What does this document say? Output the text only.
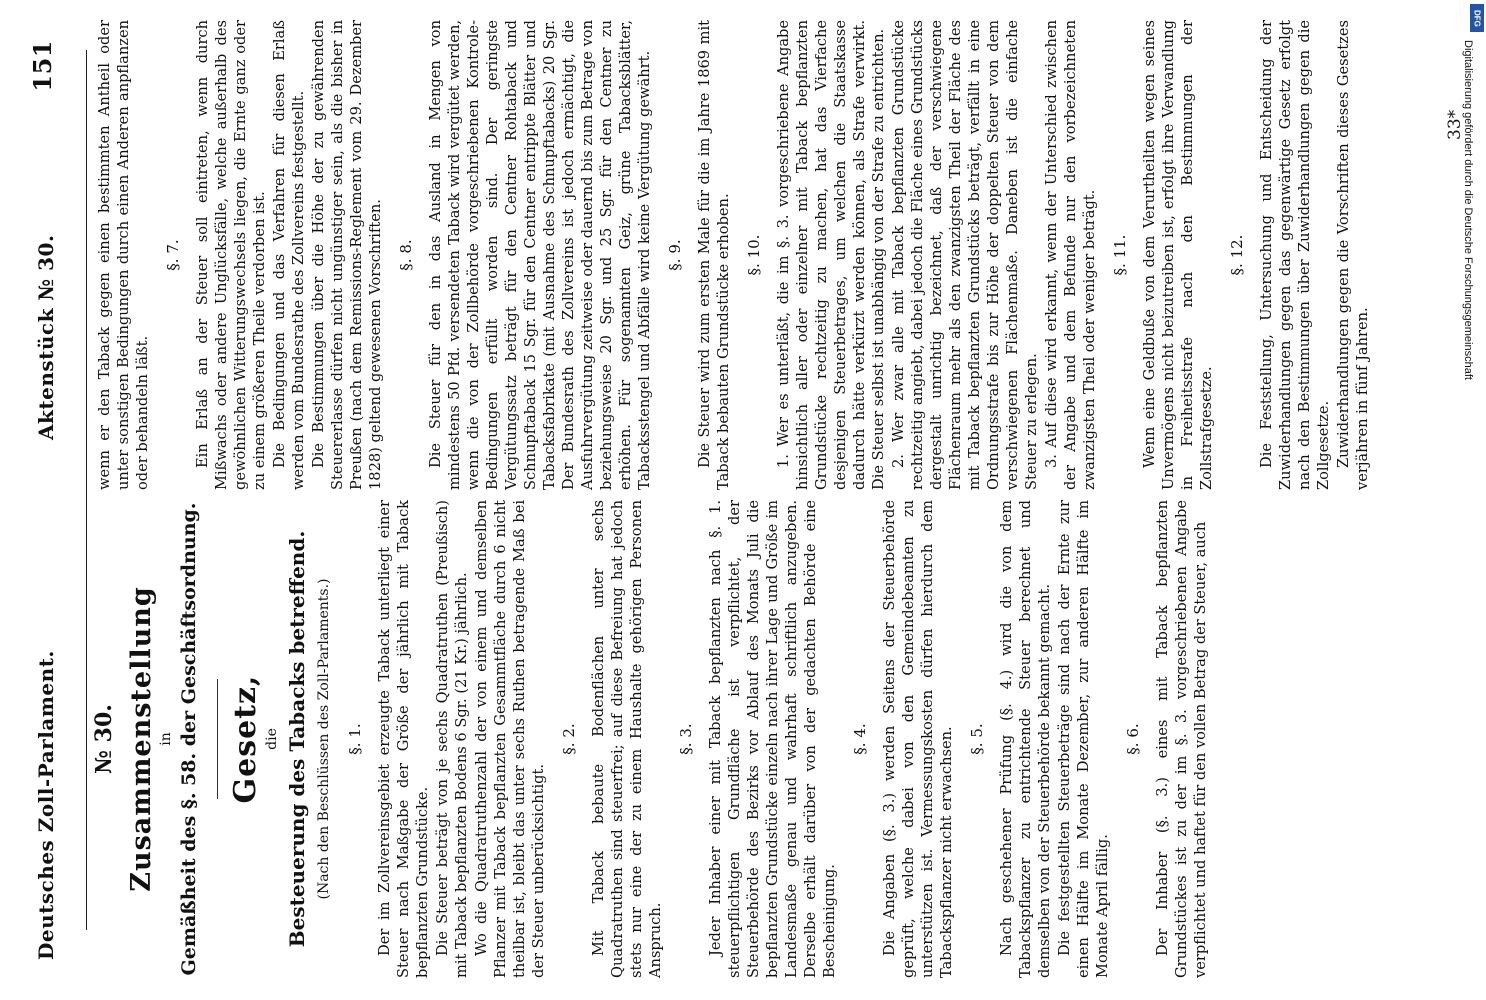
Deutsches Zoll-Parlament.
Aktenstück № 30.
151

№ 30. Zusammenstellung in Gemäßheit des §. 58. der Geschäftsordnung. Gesetz, die Besteuerung des Tabacks betreffend. (Nach den Beschlüssen des Zoll-Parlaments.) §. 1. Der im Zollvereinsgebiet erzeugte Taback unterliegt einer Steuer nach Maßgabe der Größe der jährlich mit Taback bepflanzten Grundstücke. Die Steuer beträgt von je sechs Quadratruthen (Preußisch) mit Taback bepflanzten Bodens 6 Sgr. (21 Kr.) jährlich. Wo die Quadratruthenzahl der von einem und demselben Pflanzer mit Taback bepflanzten Gesammtfläche durch 6 nicht theilbar ist, bleibt das unter sechs Ruthen betragende Maß bei der Steuer unberücksichtigt.

§. 2. Mit Taback bebaute Bodenflächen unter sechs Quadratruthen sind steuerfrei; auf diese Befreiung hat jedoch stets nur eine der zu einem Haushalte gehörigen Personen Anspruch.

§. 3. Jeder Inhaber einer mit Taback bepflanzten nach §. 1. steuerpflichtigen Grundfläche ist verpflichtet, der Steuerbehörde des Bezirks vor Ablauf des Monats Juli die bepflanzten Grundstücke einzeln nach ihrer Lage und Größe im Landesmaße genau und wahrhaft schriftlich anzugeben. Derselbe erhält darüber von der gedachten Behörde eine Bescheinigung.

§. 4. Die Angaben (§. 3.) werden Seitens der Steuerbehörde geprüft, welche dabei von den Gemeindebeamten zu unterstützen ist. Vermessungskosten dürfen hierdurch dem Tabackspflanzer nicht erwachsen. §. 5. Nach geschehener Prüfung (§. 4.) wird die von dem Tabackspflanzer zu entrichtende Steuer berechnet und demselben von der Steuerbehörde bekannt gemacht. Die festgestellten Steuerbeträge sind nach der Ernte zur einen Hälfte im Monate Dezember, zur anderen Hälfte im Monate April fällig.

§. 6. Der Inhaber (§. 3.) eines mit Taback bepflanzten Grundstückes ist zu der im §. 3. vorgeschriebenen Angabe verpflichtet und haftet für den vollen Betrag der Steuer, auch

wenn er den Taback gegen einen bestimmten Antheil oder unter sonstigen Bedingungen durch einen Anderen anpflanzen oder behandeln läßt.

§. 7. Ein Erlaß an der Steuer soll eintreten, wenn durch Mißwachs oder andere Unglücksfälle, welche außerhalb des gewöhnlichen Witterungswechsels liegen, die Ernte ganz oder zu einem größeren Theile verdorben ist. Die Bedingungen und das Verfahren für diesen Erlaß werden vom Bundesrathe des Zollvereins festgestellt. Die Bestimmungen über die Höhe der zu gewährenden Steuererlasse dürfen nicht ungünstiger sein, als die bisher in Preußen (nach dem Remissions-Reglement vom 29. Dezember 1828) geltend gewesenen Vorschriften. §. 8. Die Steuer für den in das Ausland in Mengen von mindestens 50 Pfd. versendeten Taback wird vergütet werden, wenn die von der Zollbehörde vorgeschriebenen Kontrole-Bedingungen erfüllt worden sind. Der geringste Vergütungssatz beträgt für den Centner Rohtaback und Schnupftaback 15 Sgr. für den Centner entrippte Blätter und Tabacksfabrikate (mit Ausnahme des Schnupftabacks) 20 Sgr. Der Bundesrath des Zollvereins ist jedoch ermächtigt, die Ausfuhrvergütung zeitweise oder dauernd bis zum Betrage von beziehungsweise 20 Sgr. und 25 Sgr. für den Centner zu erhöhen. Für sogenannten Geiz, grüne Tabacksblätter, Tabacksstengel und Abfälle wird keine Vergütung gewährt. §. 9. Die Steuer wird zum ersten Male für die im Jahre 1869 mit Taback bebauten Grundstücke erhoben. §. 10. 1. Wer es unterläßt, die im §. 3. vorgeschriebene Angabe hinsichtlich aller oder einzelner mit Taback bepflanzten Grundstücke rechtzeitig zu machen, hat das Vierfache desjenigen Steuerbetrages, um welchen die Staatskasse dadurch hätte verkürzt werden können, als Strafe verwirkt. Die Steuer selbst ist unabhängig von der Strafe zu entrichten. 2. Wer zwar alle mit Taback bepflanzten Grundstücke rechtzeitig angiebt, dabei jedoch die Fläche eines Grundstücks dergestalt unrichtig bezeichnet, daß der verschwiegene Flächenraum mehr als den zwanzigsten Theil der Fläche des mit Taback bepflanzten Grundstücks beträgt, verfällt in eine Ordnungsstrafe bis zur Höhe der doppelten Steuer von dem verschwiegenen Flächenmaße. Daneben ist die einfache Steuer zu erlegen. 3. Auf diese wird erkannt, wenn der Unterschied zwischen der Angabe und dem Befunde nur den vorbezeichneten zwanzigsten Theil oder weniger beträgt. §. 11. Wenn eine Geldbuße von dem Verurtheilten wegen seines Unvermögens nicht beizutreiben ist, erfolgt ihre Verwandlung in Freiheitsstrafe nach den Bestimmungen der Zollstrafgesetze.

§. 12. Die Feststellung, Untersuchung und Entscheidung der Zuwiderhandlungen gegen das gegenwärtige Gesetz erfolgt nach den Bestimmungen über Zuwiderhandlungen gegen die Zollgesetze. Zuwiderhandlungen gegen die Vorschriften dieses Gesetzes verjähren in fünf Jahren.

33*
DFG
Digitalisierung gefördert durch die Deutsche Forschungsgemeinschaft
